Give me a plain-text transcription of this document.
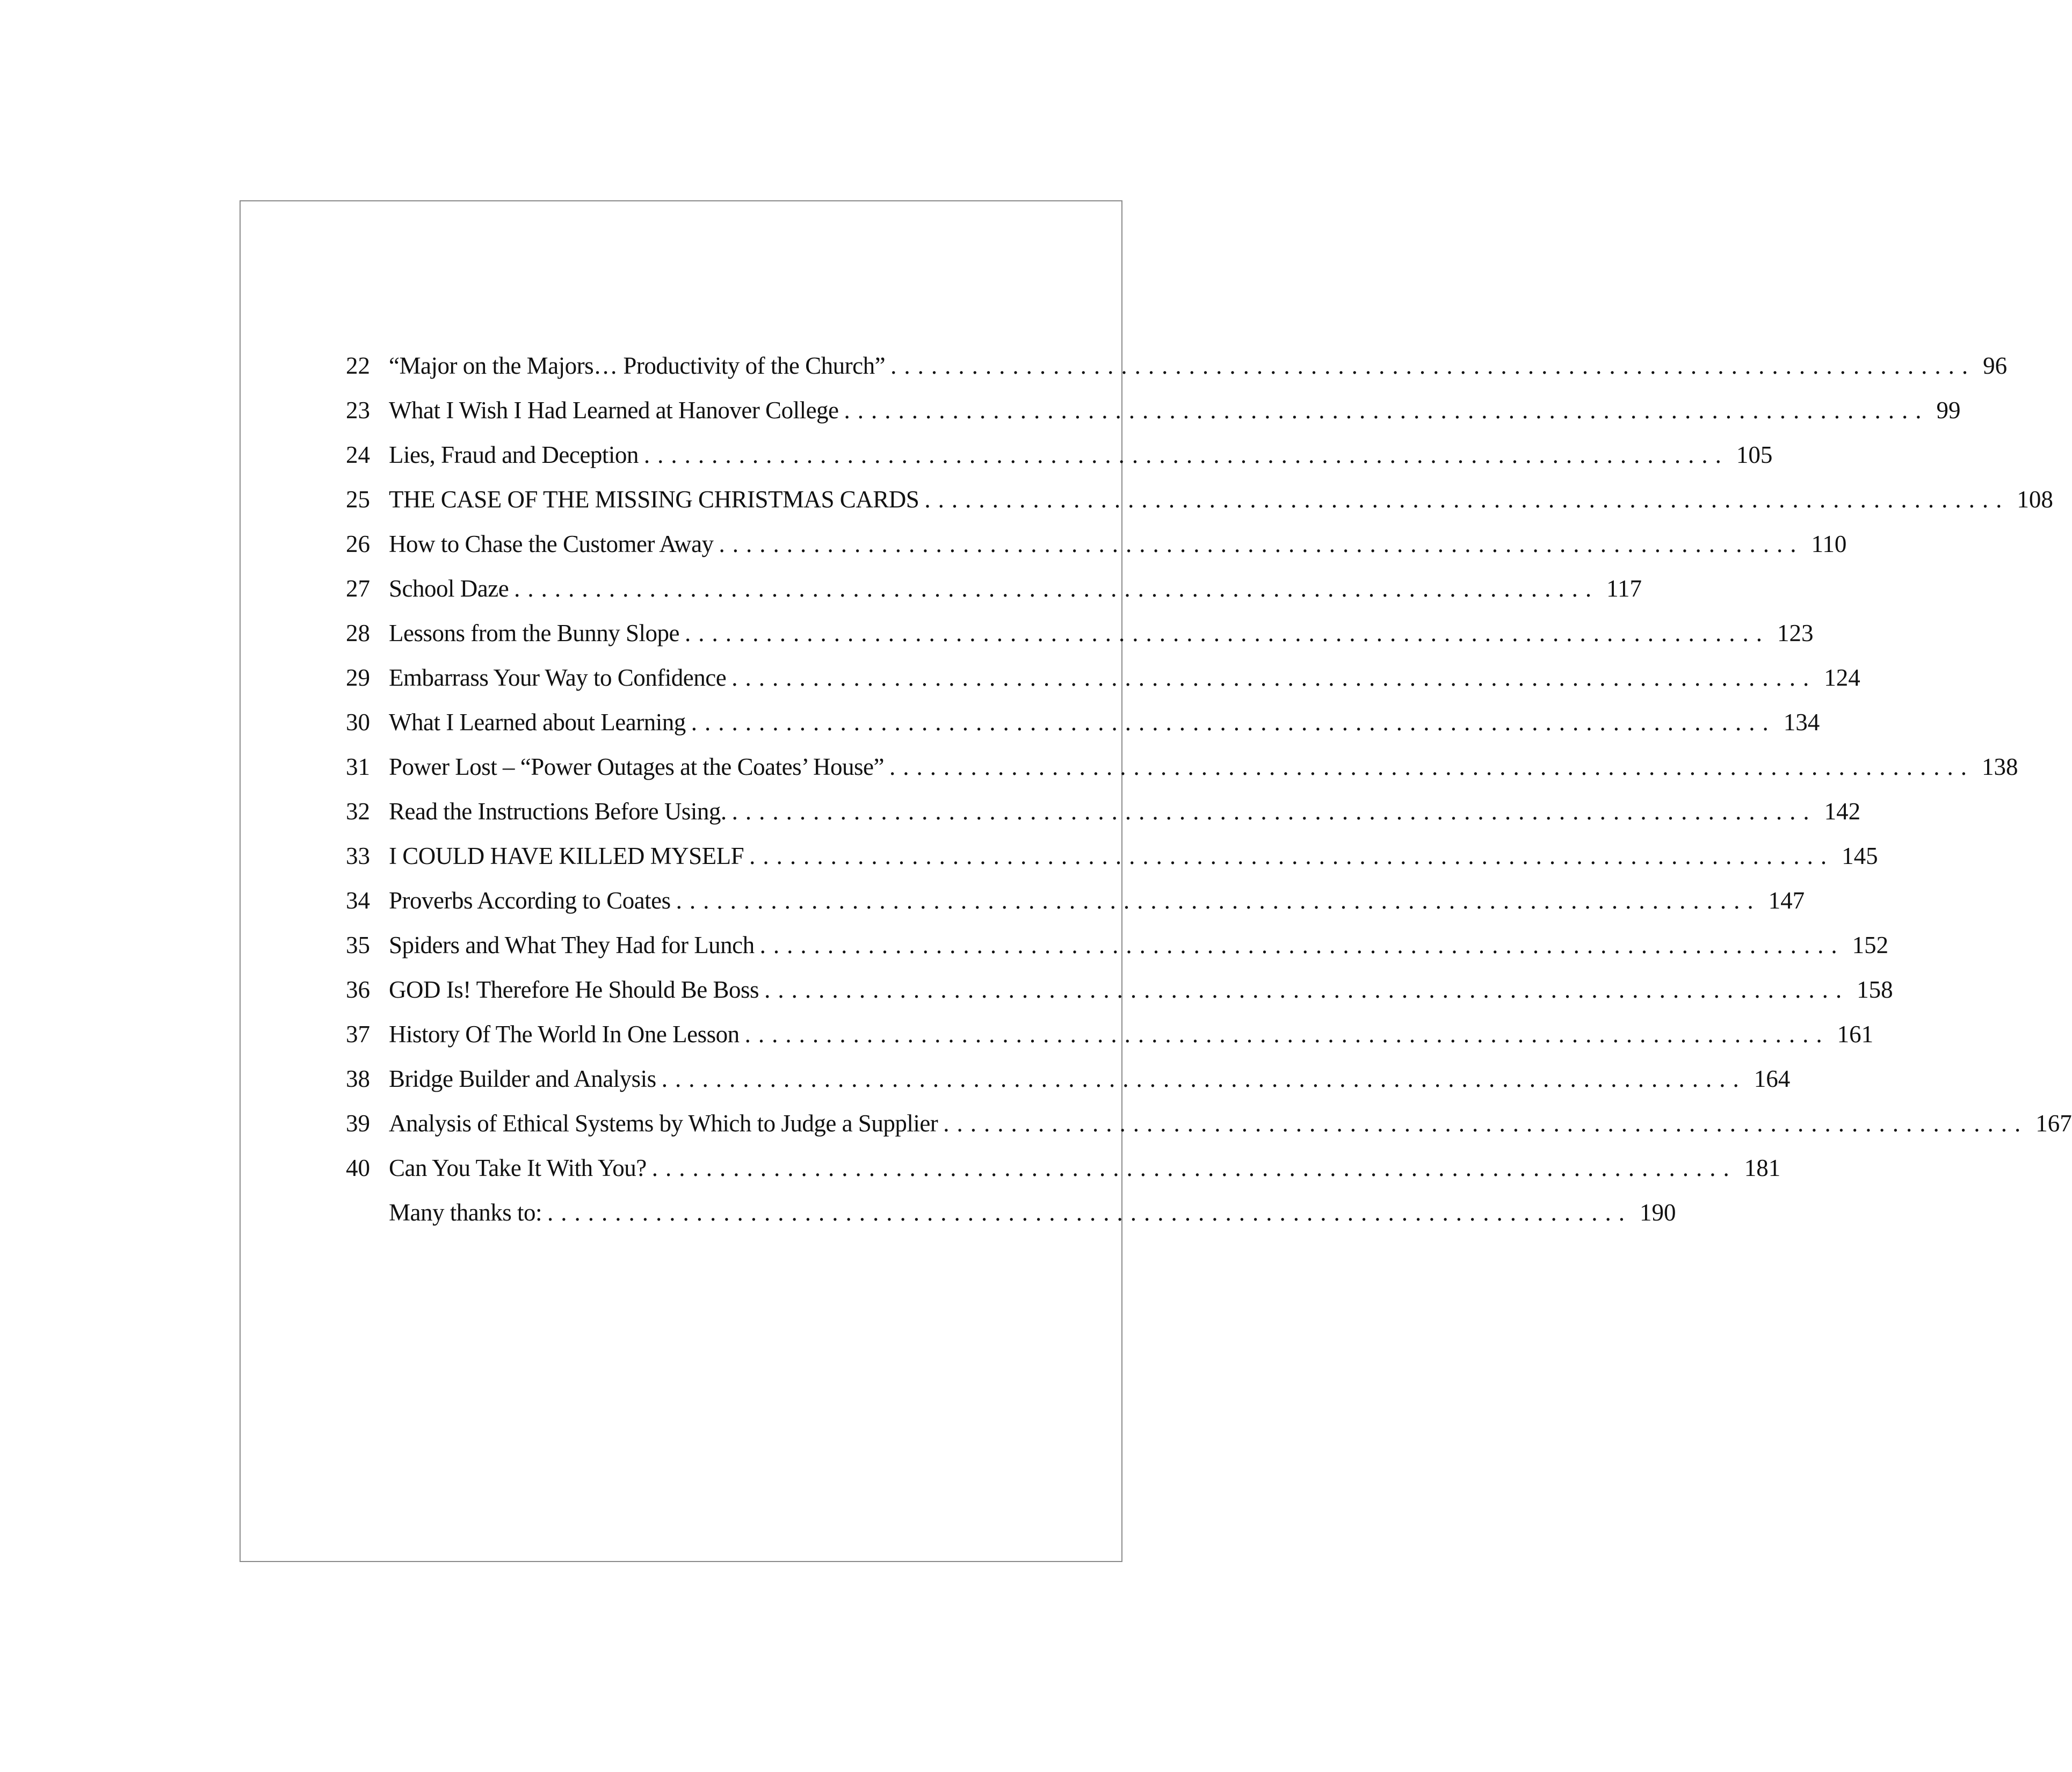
22 “Major on the Majors… Productivity of the Church” ................................................................................ 96
23 What I Wish I Had Learned at Hanover College ................................................................................ 99
24 Lies, Fraud and Deception ................................................................................ 105
25 THE CASE OF THE MISSING CHRISTMAS CARDS ................................................................................ 108
26 How to Chase the Customer Away ................................................................................ 110
27 School Daze ................................................................................ 117
28 Lessons from the Bunny Slope ................................................................................ 123
29 Embarrass Your Way to Confidence ................................................................................ 124
30 What I Learned about Learning ................................................................................ 134
31 Power Lost – “Power Outages at the Coates’ House” ................................................................................ 138
32 Read the Instructions Before Using. ................................................................................ 142
33 I COULD HAVE KILLED MYSELF ................................................................................ 145
34 Proverbs According to Coates ................................................................................ 147
35 Spiders and What They Had for Lunch ................................................................................ 152
36 GOD Is! Therefore He Should Be Boss ................................................................................ 158
37 History Of The World In One Lesson ................................................................................ 161
38 Bridge Builder and Analysis ................................................................................ 164
39 Analysis of Ethical Systems by Which to Judge a Supplier ................................................................................ 167
40 Can You Take It With You? ................................................................................ 181
Many thanks to: ................................................................................ 190
